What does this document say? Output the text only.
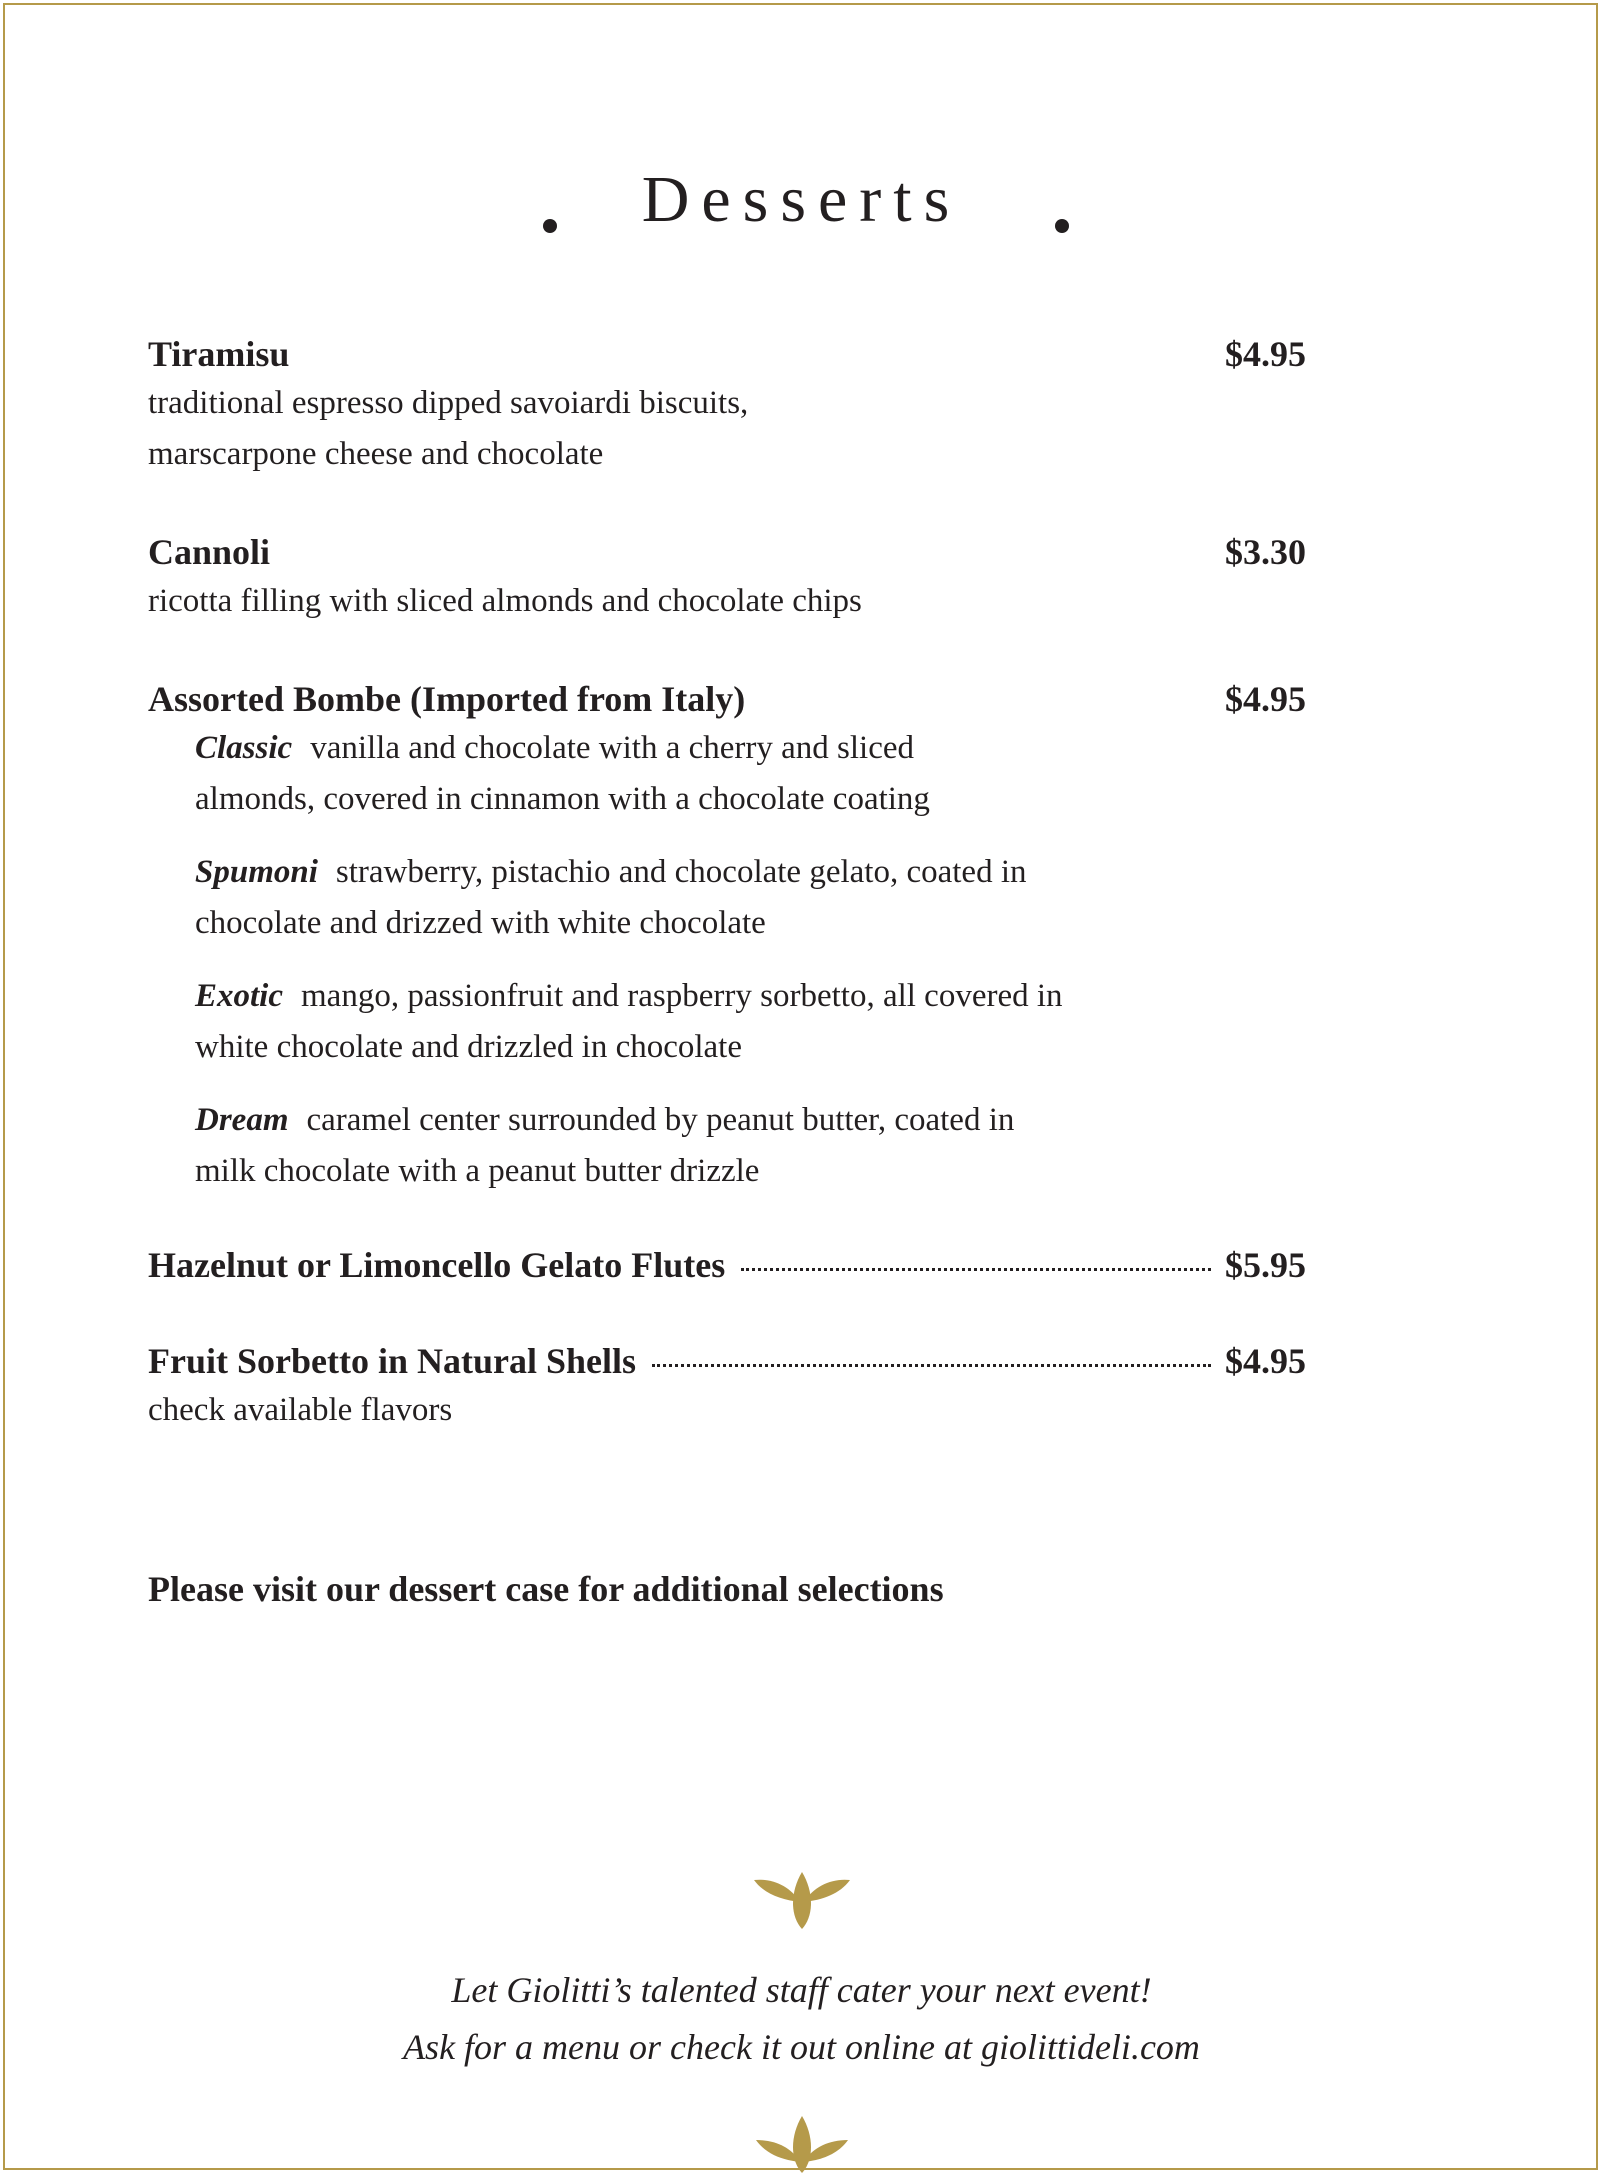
Desserts
Tiramisu	$4.95

traditional espresso dipped savoiardi biscuits,

marscarpone cheese and chocolate

Cannoli	$3.30

ricotta filling with sliced almonds and chocolate chips

Assorted Bombe (Imported from Italy)	$4.95
Classic vanilla and chocolate with a cherry and sliced
almonds, covered in cinnamon with a chocolate coating
Spumoni strawberry, pistachio and chocolate gelato, coated in
chocolate and drizzed with white chocolate
Exotic mango, passionfruit and raspberry sorbetto, all covered in
white chocolate and drizzled in chocolate
Dream caramel center surrounded by peanut butter, coated in
milk chocolate with a peanut butter drizzle
Hazelnut or Limoncello Gelato Flutes	$5.95
Fruit Sorbetto in Natural Shells	$4.95

check available flavors

Please visit our dessert case for additional selections
Let Giolitti’s talented staff cater your next event!
Ask for a menu or check it out online at giolittideli.com
